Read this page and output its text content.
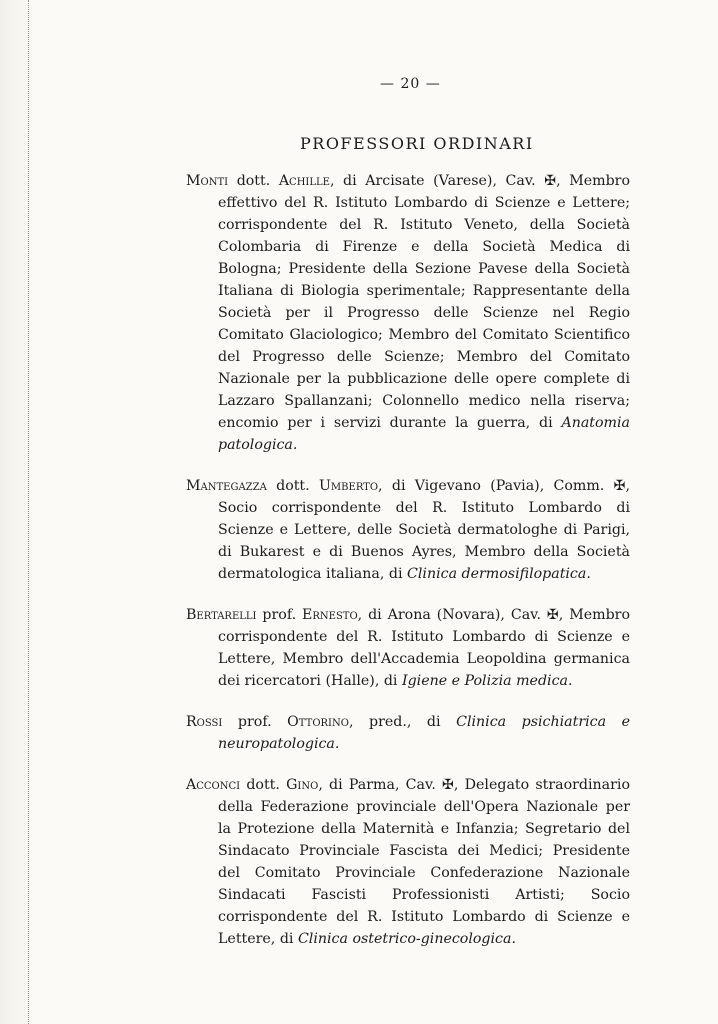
— 20 —
PROFESSORI ORDINARI

Monti dott. Achille, di Arcisate (Varese), Cav. ✠, Membro effettivo del R. Istituto Lombardo di Scienze e Lettere; corrispondente del R. Istituto Veneto, della Società Colombaria di Firenze e della Società Medica di Bologna; Presidente della Sezione Pavese della Società Italiana di Biologia sperimentale; Rappresentante della Società per il Progresso delle Scienze nel Regio Comitato Glaciologico; Membro del Comitato Scientifico del Progresso delle Scienze; Membro del Comitato Nazionale per la pubblicazione delle opere complete di Lazzaro Spallanzani; Colonnello medico nella riserva; encomio per i servizi durante la guerra, di Anatomia patologica.

Mantegazza dott. Umberto, di Vigevano (Pavia), Comm. ✠, Socio corrispondente del R. Istituto Lombardo di Scienze e Lettere, delle Società dermatologhe di Parigi, di Bukarest e di Buenos Ayres, Membro della Società dermatologica italiana, di Clinica dermosifilopatica.

Bertarelli prof. Ernesto, di Arona (Novara), Cav. ✠, Membro corrispondente del R. Istituto Lombardo di Scienze e Lettere, Membro dell'Accademia Leopoldina germanica dei ricercatori (Halle), di Igiene e Polizia medica.

Rossi prof. Ottorino, pred., di Clinica psichiatrica e neuropatologica.

Acconci dott. Gino, di Parma, Cav. ✠, Delegato straordinario della Federazione provinciale dell'Opera Nazionale per la Protezione della Maternità e Infanzia; Segretario del Sindacato Provinciale Fascista dei Medici; Presidente del Comitato Provinciale Confederazione Nazionale Sindacati Fascisti Professionisti Artisti; Socio corrispondente del R. Istituto Lombardo di Scienze e Lettere, di Clinica ostetrico-ginecologica.
